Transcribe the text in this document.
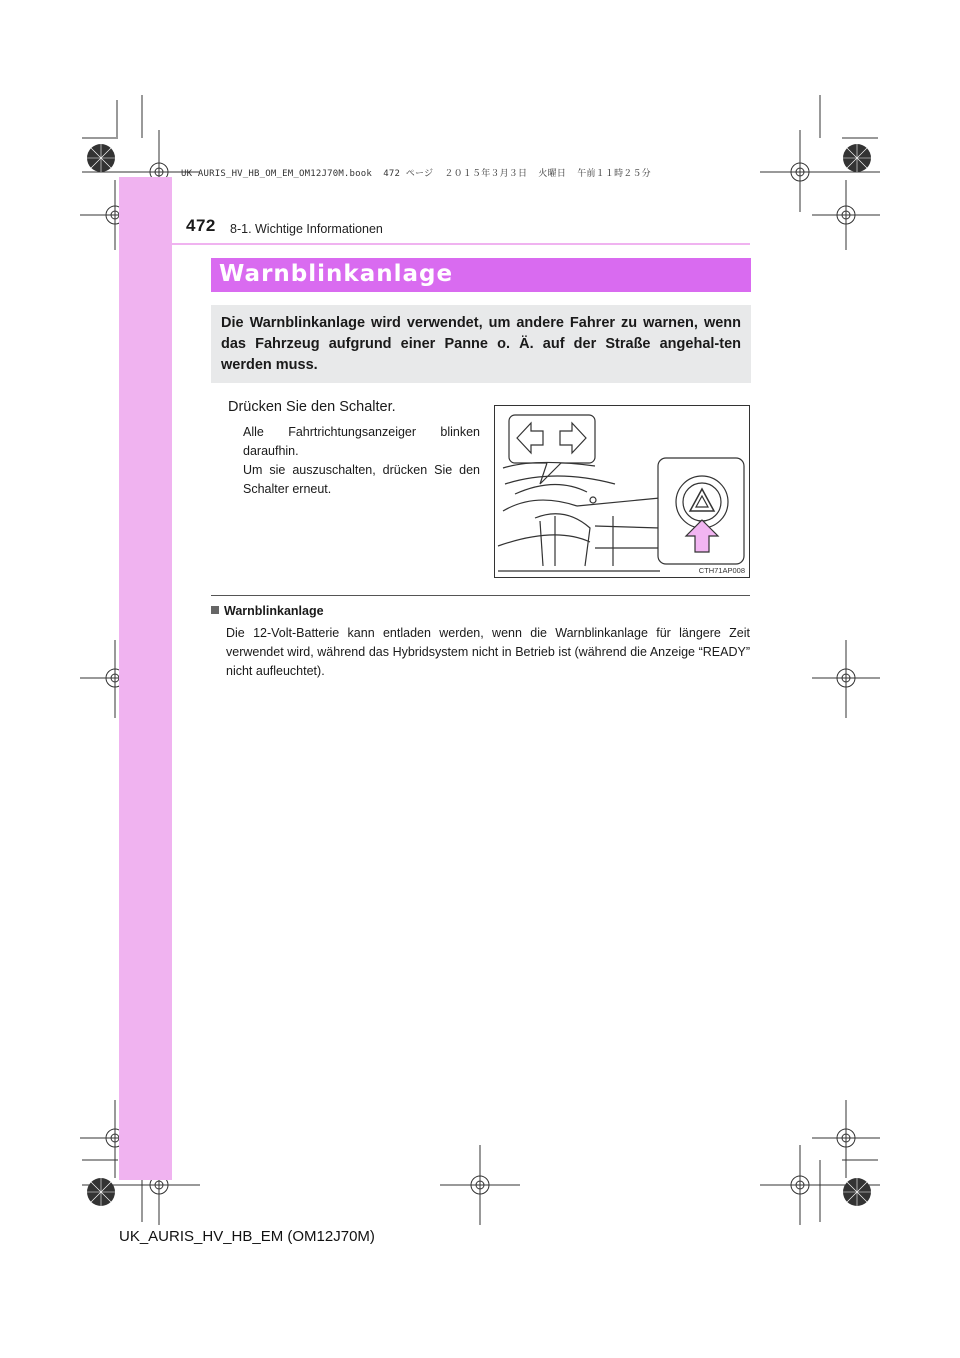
UK AURIS_HV_HB_OM_EM_OM12J70M.book  472 ページ  ２０１５年３月３日  火曜日  午前１１時２５分
472 8-1. Wichtige Informationen
Warnblinkanlage
Die Warnblinkanlage wird verwendet, um andere Fahrer zu warnen, wenn das Fahrzeug aufgrund einer Panne o. Ä. auf der Straße angehal-ten werden muss.
Drücken Sie den Schalter.

Alle Fahrtrichtungsanzeiger blinken daraufhin.

Um sie auszuschalten, drücken Sie den Schalter erneut.

CTH71AP008
Warnblinkanlage
Die 12-Volt-Batterie kann entladen werden, wenn die Warnblinkanlage für längere Zeit verwendet wird, während das Hybridsystem nicht in Betrieb ist (während die Anzeige “READY” nicht aufleuchtet).
UK_AURIS_HV_HB_EM (OM12J70M)
